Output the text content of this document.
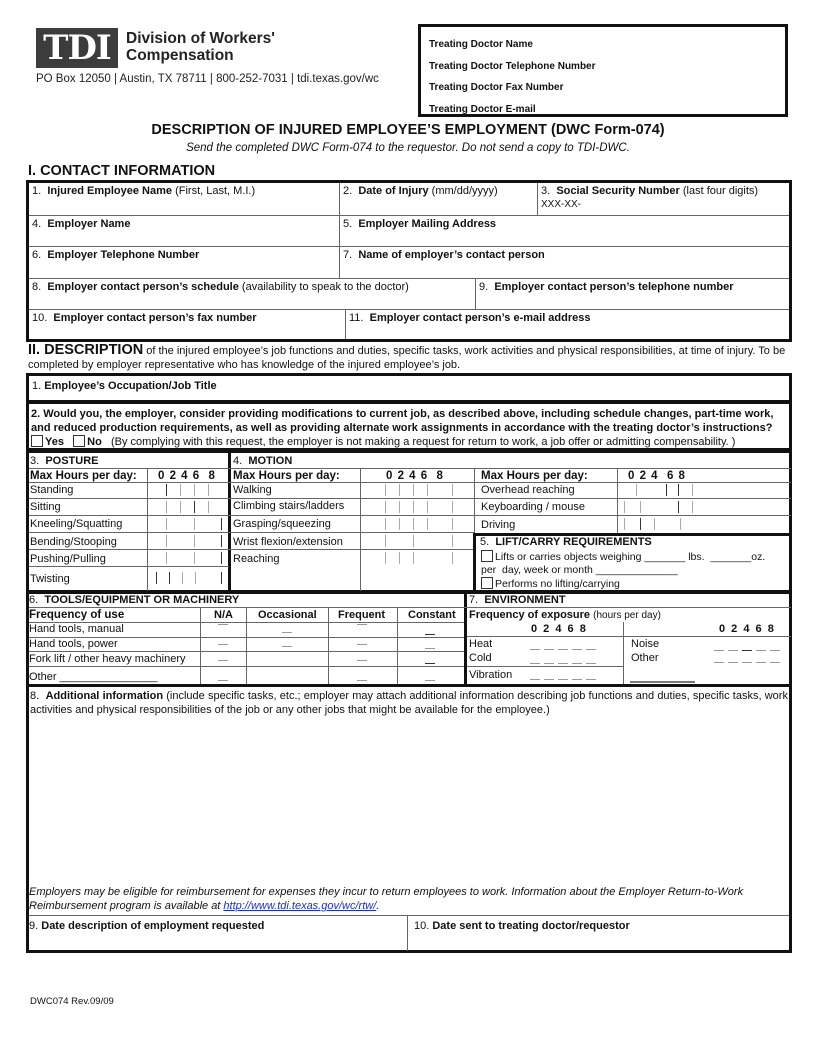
TDI Division of Workers'
Compensation
PO Box 12050 | Austin, TX 78711 | 800-252-7031 | tdi.texas.gov/wc
Treating Doctor Name
Treating Doctor Telephone Number
Treating Doctor Fax Number
Treating Doctor E-mail
DESCRIPTION OF INJURED EMPLOYEE’S EMPLOYMENT (DWC Form-074)
Send the completed DWC Form-074 to the requestor. Do not send a copy to TDI-DWC.
I. CONTACT INFORMATION
1. Injured Employee Name (First, Last, M.I.)	2. Date of Injury (mm/dd/yyyy)	3. Social Security Number (last four digits)
XXX-XX-
4. Employer Name	5. Employer Mailing Address
6. Employer Telephone Number	7. Name of employer’s contact person
8. Employer contact person’s schedule (availability to speak to the doctor)	9. Employer contact person’s telephone number
10. Employer contact person’s fax number	11. Employer contact person’s e-mail address
II. DESCRIPTION of the injured employee’s job functions and duties, specific tasks, work activities and physical responsibilities, at time of injury. To be completed by employer representative who has knowledge of the injured employee’s job.
1. Employee’s Occupation/Job Title
2. Would you, the employer, consider providing modifications to current job, as described above, including schedule changes, part-time work, and reduced production requirements, as well as providing alternate work assignments in accordance with the treating doctor’s instructions?
Yes No (By complying with this request, the employer is not making a request for return to work, a job offer or admitting compensability. )
3. POSTURE
Max Hours per day: 0 2 4 6  8
Standing
Sitting
Kneeling/Squatting
Bending/Stooping
Pushing/Pulling
Twisting
4. MOTION
Max Hours per day:	0 2 4 6  8
Walking
Climbing stairs/ladders
Grasping/squeezing
Wrist flexion/extension
Reaching
Max Hours per day:	0 2 4  6 8
Overhead reaching
Keyboarding / mouse
Driving
5. LIFT/CARRY REQUIREMENTS
Lifts or carries objects weighing _______ lbs.  _______oz.
per  day, week or month ______________
Performs no lifting/carrying
6. TOOLS/EQUIPMENT OR MACHINERY
Frequency of use	N/A Occasional Frequent Constant
Hand tools, manual
Hand tools, power
Fork lift / other heavy machinery
Other ________________
7. ENVIRONMENT
Frequency of exposure (hours per day)
0 2 4 6 8	0 2 4 6 8
Heat
Cold
Vibration
Noise
Other
8. Additional information (include specific tasks, etc.; employer may attach additional information describing job functions and duties, specific tasks, work activities and physical responsibilities of the job or any other jobs that might be available for the employee.)
Employers may be eligible for reimbursement for expenses they incur to return employees to work. Information about the Employer Return-to-Work Reimbursement program is available at http://www.tdi.texas.gov/wc/rtw/.
9. Date description of employment requested	10. Date sent to treating doctor/requestor
DWC074 Rev.09/09
